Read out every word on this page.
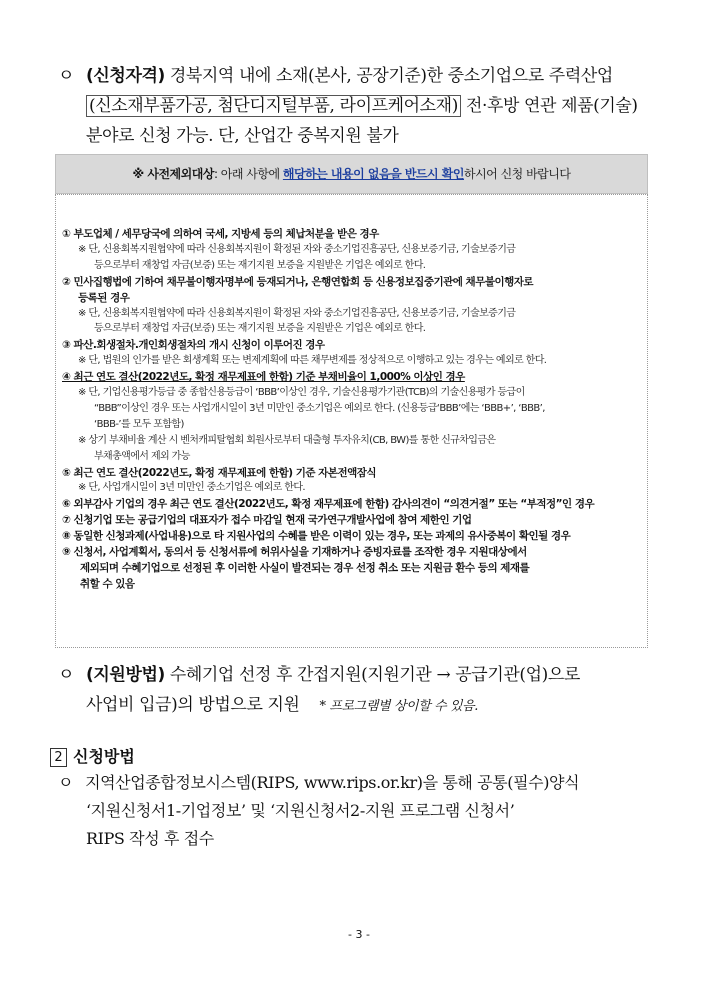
ㅇ (신청자격) 경북지역 내에 소재(본사, 공장기준)한 중소기업으로 주력산업
(신소재부품가공, 첨단디지털부품, 라이프케어소재) 전·후방 연관 제품(기술)
분야로 신청 가능. 단, 산업간 중복지원 불가
※ 사전제외대상: 아래 사항에 해당하는 내용이 없음을 반드시 확인하시어 신청 바랍니다
① 부도업체 / 세무당국에 의하여 국세, 지방세 등의 체납처분을 받은 경우
※ 단, 신용회복지원협약에 따라 신용회복지원이 확정된 자와 중소기업진흥공단, 신용보증기금, 기술보증기금
등으로부터 재창업 자금(보증) 또는 재기지원 보증을 지원받은 기업은 예외로 한다.
② 민사집행법에 기하여 채무불이행자명부에 등재되거나, 은행연합회 등 신용정보집중기관에 채무불이행자로
등록된 경우
※ 단, 신용회복지원협약에 따라 신용회복지원이 확정된 자와 중소기업진흥공단, 신용보증기금, 기술보증기금
등으로부터 재창업 자금(보증) 또는 재기지원 보증을 지원받은 기업은 예외로 한다.
③ 파산.회생절차.개인회생절차의 개시 신청이 이루어진 경우
※ 단, 법원의 인가를 받은 회생계획 또는 변제계획에 따른 채무변제를 정상적으로 이행하고 있는 경우는 예외로 한다.
④ 최근 연도 결산(2022년도, 확정 재무제표에 한함) 기준 부채비율이 1,000% 이상인 경우
※ 단, 기업신용평가등급 중 종합신용등급이 ‘BBB’이상인 경우, 기술신용평가기관(TCB)의 기술신용평가 등급이
“BBB”이상인 경우 또는 사업개시일이 3년 미만인 중소기업은 예외로 한다. (신용등급‘BBB’에는 ‘BBB+’, ‘BBB’,
‘BBB-’를 모두 포함함)
※ 상기 부채비율 계산 시 벤처캐피탈협회 회원사로부터 대출형 투자유치(CB, BW)를 통한 신규차입금은
부채총액에서 제외 가능
⑤ 최근 연도 결산(2022년도, 확정 재무제표에 한함) 기준 자본전액잠식
※ 단, 사업개시일이 3년 미만인 중소기업은 예외로 한다.
⑥ 외부감사 기업의 경우 최근 연도 결산(2022년도, 확정 재무제표에 한함) 감사의견이 “의견거절” 또는 “부적정”인 경우
⑦ 신청기업 또는 공급기업의 대표자가 접수 마감일 현재 국가연구개발사업에 참여 제한인 기업
⑧ 동일한 신청과제(사업내용)으로 타 지원사업의 수혜를 받은 이력이 있는 경우, 또는 과제의 유사중복이 확인될 경우
⑨ 신청서, 사업계획서, 동의서 등 신청서류에 허위사실을 기재하거나 증빙자료를 조작한 경우 지원대상에서
제외되며 수혜기업으로 선정된 후 이러한 사실이 발견되는 경우 선정 취소 또는 지원금 환수 등의 제재를
취할 수 있음
ㅇ (지원방법) 수혜기업 선정 후 간접지원(지원기관 → 공급기관(업)으로
사업비 입금)의 방법으로 지원 * 프로그램별 상이할 수 있음.
2 신청방법
ㅇ 지역산업종합정보시스템(RIPS, www.rips.or.kr)을 통해 공통(필수)양식
‘지원신청서1-기업정보’ 및 ‘지원신청서2-지원 프로그램 신청서’
RIPS 작성 후 접수
- 3 -
